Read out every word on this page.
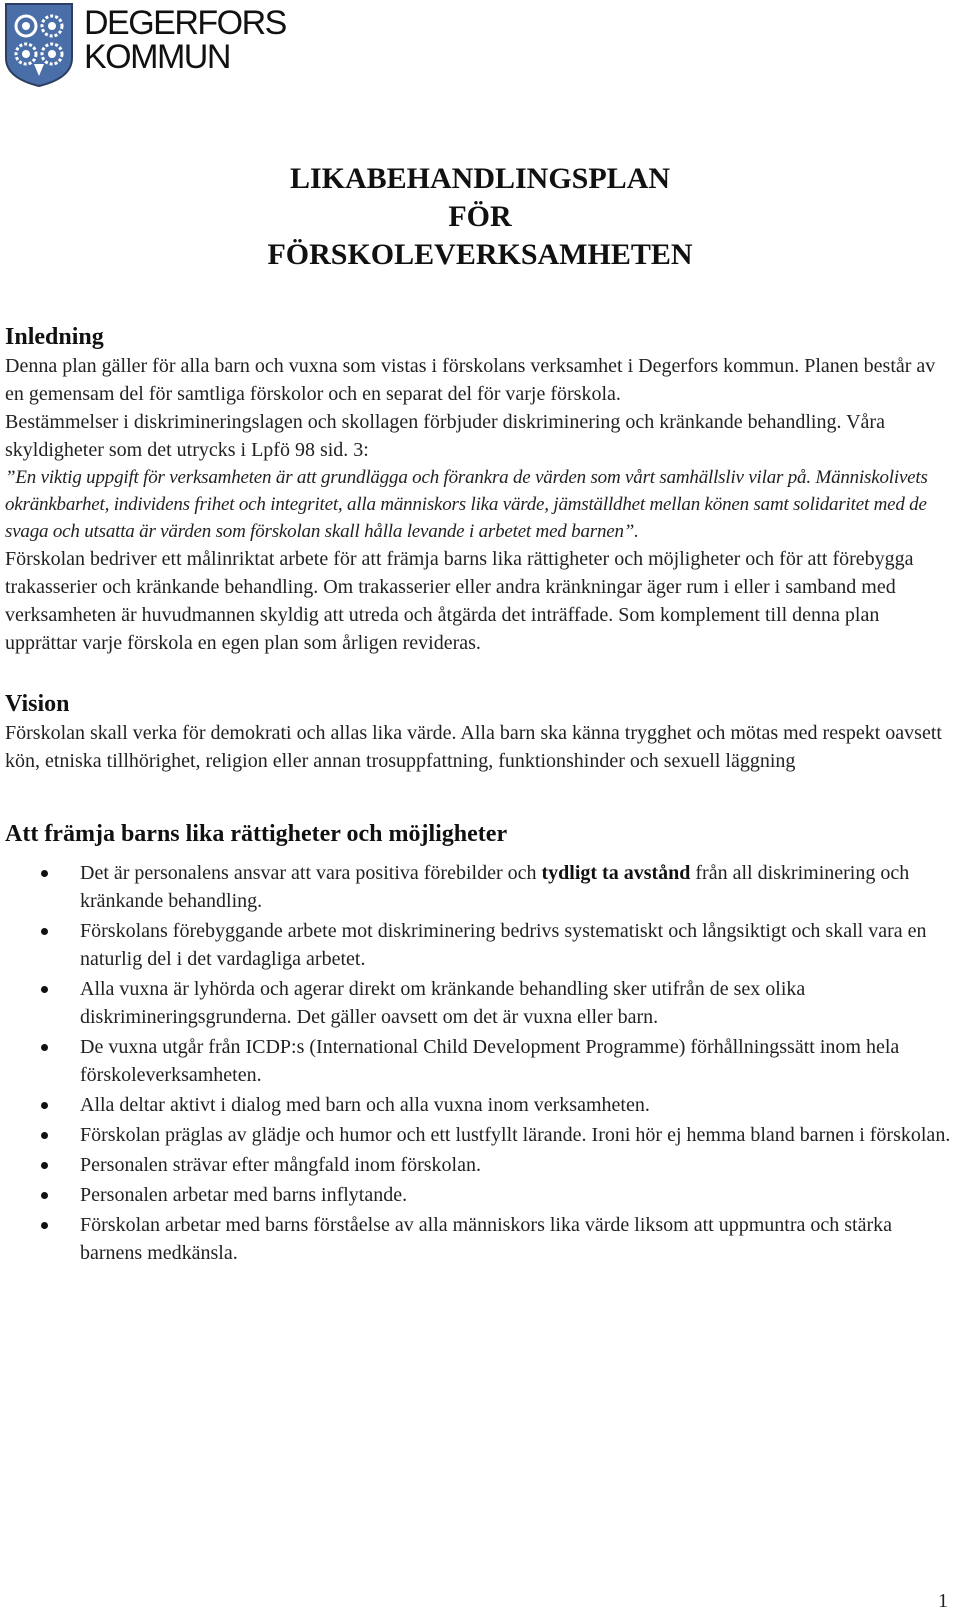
DEGERFORS
KOMMUN
LIKABEHANDLINGSPLAN
FÖR
FÖRSKOLEVERKSAMHETEN
Inledning

Denna plan gäller för alla barn och vuxna som vistas i förskolans verksamhet i Degerfors kommun. Planen består av en gemensam del för samtliga förskolor och en separat del för varje förskola.

Bestämmelser i diskrimineringslagen och skollagen förbjuder diskriminering och kränkande behandling. Våra skyldigheter som det utrycks i Lpfö 98 sid. 3:

”En viktig uppgift för verksamheten är att grundlägga och förankra de värden som vårt samhällsliv vilar på. Människolivets okränkbarhet, individens frihet och integritet, alla människors lika värde, jämställdhet mellan könen samt solidaritet med de svaga och utsatta är värden som förskolan skall hålla levande i arbetet med barnen”.

Förskolan bedriver ett målinriktat arbete för att främja barns lika rättigheter och möjligheter och för att förebygga trakasserier och kränkande behandling. Om trakasserier eller andra kränkningar äger rum i eller i samband med verksamheten är huvudmannen skyldig att utreda och åtgärda det inträffade. Som komplement till denna plan upprättar varje förskola en egen plan som årligen revideras.

Vision

Förskolan skall verka för demokrati och allas lika värde. Alla barn ska känna trygghet och mötas med respekt oavsett kön, etniska tillhörighet, religion eller annan trosuppfattning, funktionshinder och sexuell läggning

Att främja barns lika rättigheter och möjligheter
Det är personalens ansvar att vara positiva förebilder och tydligt ta avstånd från all diskriminering och kränkande behandling.
Förskolans förebyggande arbete mot diskriminering bedrivs systematiskt och långsiktigt och skall vara en naturlig del i det vardagliga arbetet.
Alla vuxna är lyhörda och agerar direkt om kränkande behandling sker utifrån de sex olika diskrimineringsgrunderna. Det gäller oavsett om det är vuxna eller barn.
De vuxna utgår från ICDP:s (International Child Development Programme) förhållningssätt inom hela förskoleverksamheten.
Alla deltar aktivt i dialog med barn och alla vuxna inom verksamheten.
Förskolan präglas av glädje och humor och ett lustfyllt lärande. Ironi hör ej hemma bland barnen i förskolan.
Personalen strävar efter mångfald inom förskolan.
Personalen arbetar med barns inflytande.
Förskolan arbetar med barns förståelse av alla människors lika värde liksom att uppmuntra och stärka barnens medkänsla.
1
